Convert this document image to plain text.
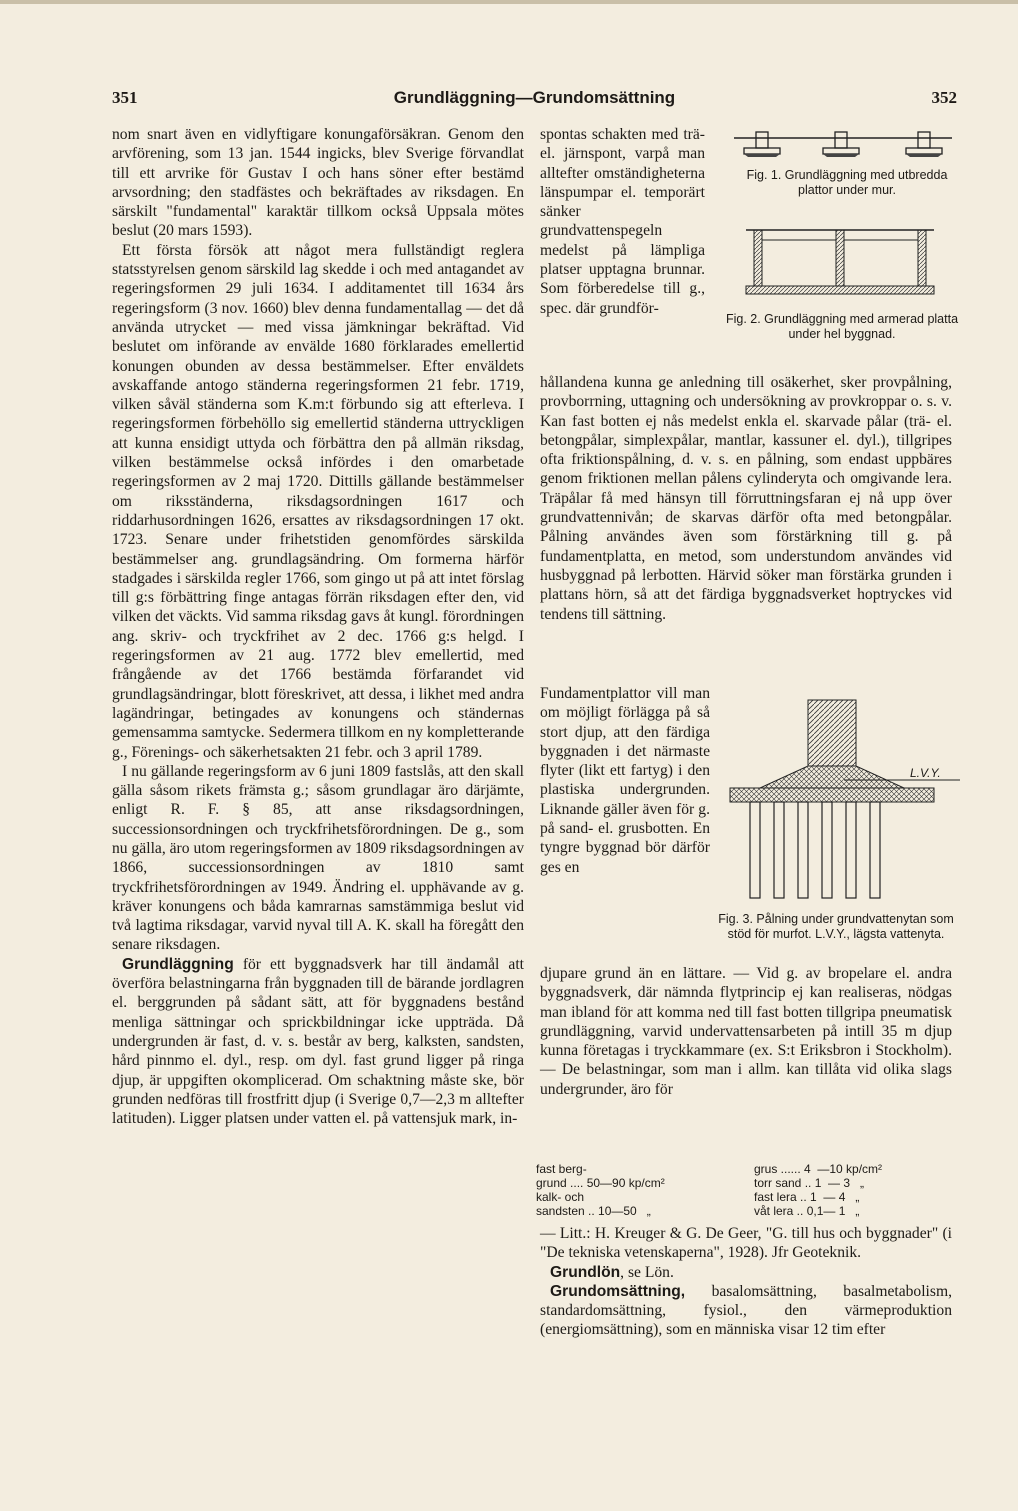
351	Grundläggning—Grundomsättning	352

nom snart även en vidlyftigare konungaförsäkran. Genom den arvförening, som 13 jan. 1544 ingicks, blev Sverige förvandlat till ett arvrike för Gustav I och hans söner efter bestämd arvsordning; den stadfästes och bekräftades av riksdagen. En särskilt "fundamental" karaktär tillkom också Uppsala mötes beslut (20 mars 1593).

Ett första försök att något mera fullständigt reglera statsstyrelsen genom särskild lag skedde i och med antagandet av regeringsformen 29 juli 1634. I additamentet till 1634 års regeringsform (3 nov. 1660) blev denna fundamentallag — det då använda utrycket — med vissa jämkningar bekräftad. Vid beslutet om införande av envälde 1680 förklarades emellertid konungen obunden av dessa bestämmelser. Efter enväldets avskaffande antogo ständerna regeringsformen 21 febr. 1719, vilken såväl ständerna som K.m:t förbundo sig att efterleva. I regeringsformen förbehöllo sig emellertid ständerna uttryckligen att kunna ensidigt uttyda och förbättra den på allmän riksdag, vilken bestämmelse också infördes i den omarbetade regeringsformen av 2 maj 1720. Dittills gällande bestämmelser om riksständerna, riksdagsordningen 1617 och riddarhusordningen 1626, ersattes av riksdagsordningen 17 okt. 1723. Senare under frihetstiden genomfördes särskilda bestämmelser ang. grundlagsändring. Om formerna härför stadgades i särskilda regler 1766, som gingo ut på att intet förslag till g:s förbättring finge antagas förrän riksdagen efter den, vid vilken det väckts. Vid samma riksdag gavs åt kungl. förordningen ang. skriv- och tryckfrihet av 2 dec. 1766 g:s helgd. I regeringsformen av 21 aug. 1772 blev emellertid, med frångående av det 1766 bestämda förfarandet vid grundlagsändringar, blott föreskrivet, att dessa, i likhet med andra lagändringar, betingades av konungens och ständernas gemensamma samtycke. Sedermera tillkom en ny kompletterande g., Förenings- och säkerhetsakten 21 febr. och 3 april 1789.

I nu gällande regeringsform av 6 juni 1809 fastslås, att den skall gälla såsom rikets främsta g.; såsom grundlagar äro därjämte, enligt R. F. § 85, att anse riksdagsordningen, successionsordningen och tryckfrihetsförordningen. De g., som nu gälla, äro utom regeringsformen av 1809 riksdagsordningen av 1866, successionsordningen av 1810 samt tryckfrihetsförordningen av 1949. Ändring el. upphävande av g. kräver konungens och båda kamrarnas samstämmiga beslut vid två lagtima riksdagar, varvid nyval till A. K. skall ha föregått den senare riksdagen.

Grundläggning för ett byggnadsverk har till ändamål att överföra belastningarna från byggnaden till de bärande jordlagren el. berggrunden på sådant sätt, att för byggnadens bestånd menliga sättningar och sprickbildningar icke uppträda. Då undergrunden är fast, d. v. s. består av berg, kalksten, sandsten, hård pinnmo el. dyl., resp. om dyl. fast grund ligger på ringa djup, är uppgiften okomplicerad. Om schaktning måste ske, bör grunden nedföras till frostfritt djup (i Sverige 0,7—2,3 m alltefter latituden). Ligger platsen under vatten el. på vattensjuk mark, in-

spontas schakten med trä- el. järnspont, varpå man alltefter omständigheterna länspumpar el. temporärt sänker grundvattenspegeln medelst på lämpliga platser upptagna brunnar. Som förberedelse till g., spec. där grundför-
Fig. 1. Grundläggning med utbredda plattor under mur.
Fig. 2. Grundläggning med armerad platta under hel byggnad.

hållandena kunna ge anledning till osäkerhet, sker provpålning, provborrning, uttagning och undersökning av provkroppar o. s. v. Kan fast botten ej nås medelst enkla el. skarvade pålar (trä- el. betongpålar, simplexpålar, mantlar, kassuner el. dyl.), tillgripes ofta friktionspålning, d. v. s. en pålning, som endast uppbäres genom friktionen mellan pålens cylinderyta och omgivande lera. Träpålar få med hänsyn till förruttningsfaran ej nå upp över grundvattennivån; de skarvas därför ofta med betongpålar. Pålning användes även som förstärkning till g. på fundamentplatta, en metod, som understundom användes vid husbyggnad på lerbotten. Härvid söker man förstärka grunden i plattans hörn, så att det färdiga byggnadsverket hoptryckes vid tendens till sättning.

Fundamentplattor vill man om möjligt förlägga på så stort djup, att den färdiga byggnaden i det närmaste flyter (likt ett fartyg) i den plastiska undergrunden. Liknande gäller även för g. på sand- el. grusbotten. En tyngre byggnad bör därför ges en
L.V.Y.
Fig. 3. Pålning under grundvattenytan som stöd för murfot. L.V.Y., lägsta vattenyta.

djupare grund än en lättare. — Vid g. av bropelare el. andra byggnadsverk, där nämnda flytprincip ej kan realiseras, nödgas man ibland för att komma ned till fast botten tillgripa pneumatisk grundläggning, varvid undervattensarbeten på intill 35 m djup kunna företagas i tryckkammare (ex. S:t Eriksbron i Stockholm). — De belastningar, som man i allm. kan tillåta vid olika slags undergrunder, äro för

fast berg-
grund .... 50—90 kp/cm²
kalk- och
sandsten .. 10—50   „
grus ...... 4  —10 kp/cm²
torr sand .. 1  — 3   „
fast lera .. 1  — 4   „
våt lera .. 0,1— 1   „

— Litt.: H. Kreuger & G. De Geer, "G. till hus och byggnader" (i "De tekniska vetenskaperna", 1928). Jfr Geoteknik.

Grundlön, se Lön.

Grundomsättning, basalomsättning, basalmetabolism, standardomsättning, fysiol., den värmeproduktion (energiomsättning), som en människa visar 12 tim efter
